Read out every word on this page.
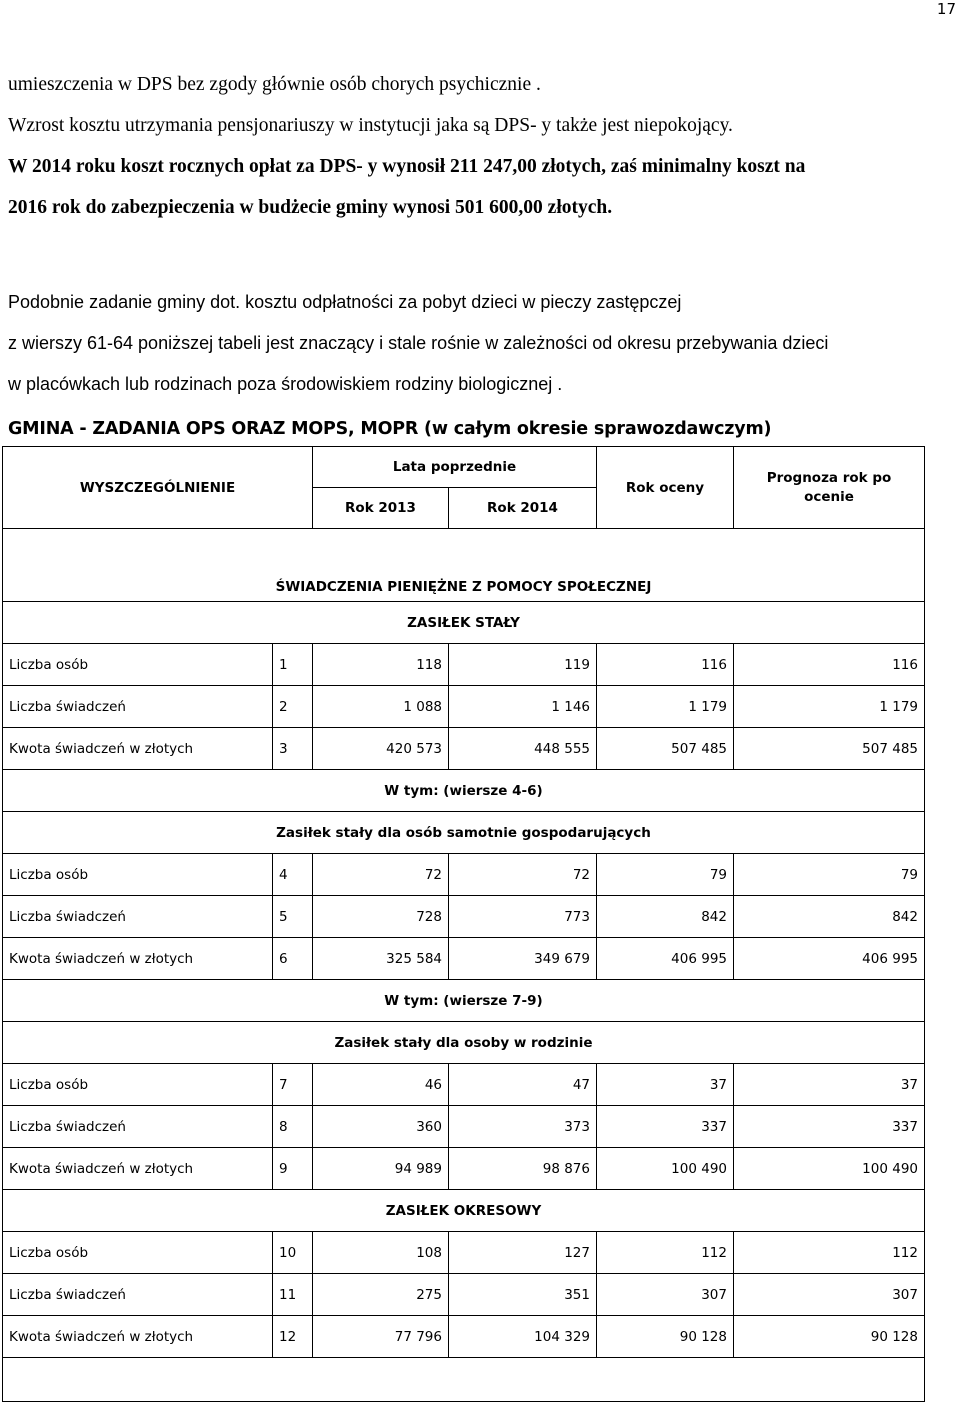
17
umieszczenia w DPS bez zgody głównie osób chorych psychicznie .
Wzrost kosztu utrzymania pensjonariuszy w instytucji jaka są DPS- y także jest niepokojący.
W 2014 roku koszt rocznych opłat za DPS- y wynosił 211 247,00 złotych, zaś minimalny koszt na
2016 rok do zabezpieczenia w budżecie gminy wynosi 501 600,00 złotych.
Podobnie zadanie gminy dot. kosztu odpłatności za pobyt dzieci w pieczy zastępczej
z wierszy 61-64 poniższej tabeli jest znaczący i stale rośnie w zależności od okresu przebywania dzieci
w placówkach lub rodzinach poza środowiskiem rodziny biologicznej .
GMINA - ZADANIA OPS ORAZ MOPS, MOPR (w całym okresie sprawozdawczym)
WYSZCZEGÓLNIENIE		Lata poprzednie		Rok oceny	Prognoza rok po ocenie
		Rok 2013	Rok 2014		
ŚWIADCZENIA PIENIĘŻNE Z POMOCY SPOŁECZNEJ					
ZASIŁEK STAŁY					
Liczba osób	1	118	119	116	116
Liczba świadczeń	2	1 088	1 146	1 179	1 179
Kwota świadczeń w złotych	3	420 573	448 555	507 485	507 485
W tym: (wiersze 4-6)					
Zasiłek stały dla osób samotnie gospodarujących					
Liczba osób	4	72	72	79	79
Liczba świadczeń	5	728	773	842	842
Kwota świadczeń w złotych	6	325 584	349 679	406 995	406 995
W tym: (wiersze 7-9)					
Zasiłek stały dla osoby w rodzinie					
Liczba osób	7	46	47	37	37
Liczba świadczeń	8	360	373	337	337
Kwota świadczeń w złotych	9	94 989	98 876	100 490	100 490
ZASIŁEK OKRESOWY					
Liczba osób	10	108	127	112	112
Liczba świadczeń	11	275	351	307	307
Kwota świadczeń w złotych	12	77 796	104 329	90 128	90 128
